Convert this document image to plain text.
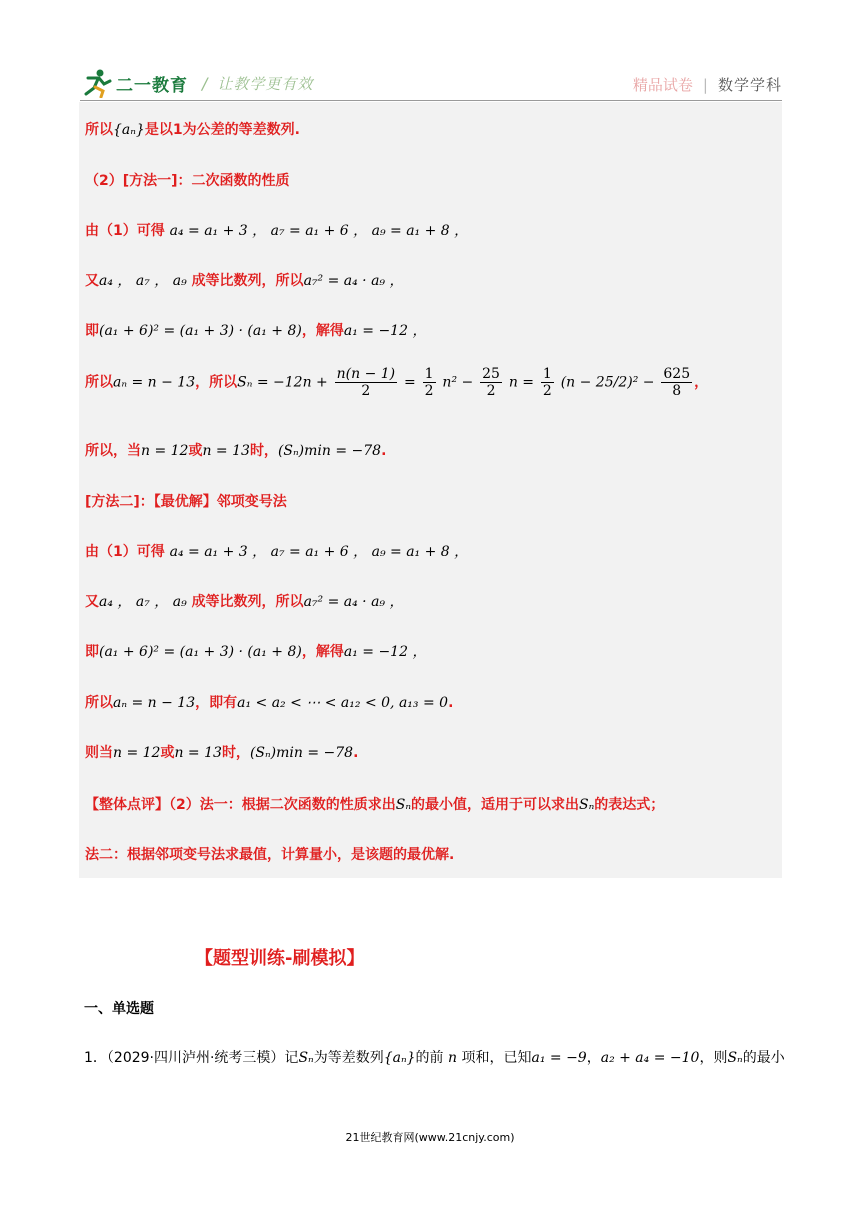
二一教育 / 让教学更有效	精品试卷 | 数学学科
所以{aₙ}是以1为公差的等差数列.
（2）[方法一]：二次函数的性质
由（1）可得 a₄ = a₁ + 3 ， a₇ = a₁ + 6 ， a₉ = a₁ + 8 ，
又a₄ ， a₇ ， a₉ 成等比数列，所以a₇² = a₄ · a₉ ，
即(a₁ + 6)² = (a₁ + 3) · (a₁ + 8)，解得a₁ = −12 ，
所以aₙ = n − 13，所以$S_n = -12n + \frac{n(n - 1)}{2} = \frac{1}{2} n^2 - \frac{25}{2}$ $n = \frac{1}{2} (n - 25/2)^2 - \frac{625}{8}$ ，
所以，当n = 12或n = 13时，(Sₙ)min = −78.
[方法二]：【最优解】邻项变号法
由（1）可得 a₄ = a₁ + 3 ， a₇ = a₁ + 6 ， a₉ = a₁ + 8 ，
又a₄ ， a₇ ， a₉ 成等比数列，所以a₇² = a₄ · a₉ ，
即(a₁ + 6)² = (a₁ + 3) · (a₁ + 8)，解得a₁ = −12 ，
所以aₙ = n − 13，即有a₁ < a₂ < ⋯ < a₁₂ < 0, a₁₃ = 0.
则当n = 12或n = 13时，(Sₙ)min = −78.
【整体点评】（2）法一：根据二次函数的性质求出Sₙ的最小值，适用于可以求出Sₙ的表达式；
法二：根据邻项变号法求最值，计算量小，是该题的最优解.
【题型训练-刷模拟】
一、单选题
1．（2029·四川泸州·统考三模）记Sₙ为等差数列{aₙ}的前 n 项和，已知a₁ = −9，a₂ + a₄ = −10，则Sₙ的最小
21世纪教育网(www.21cnjy.com)
